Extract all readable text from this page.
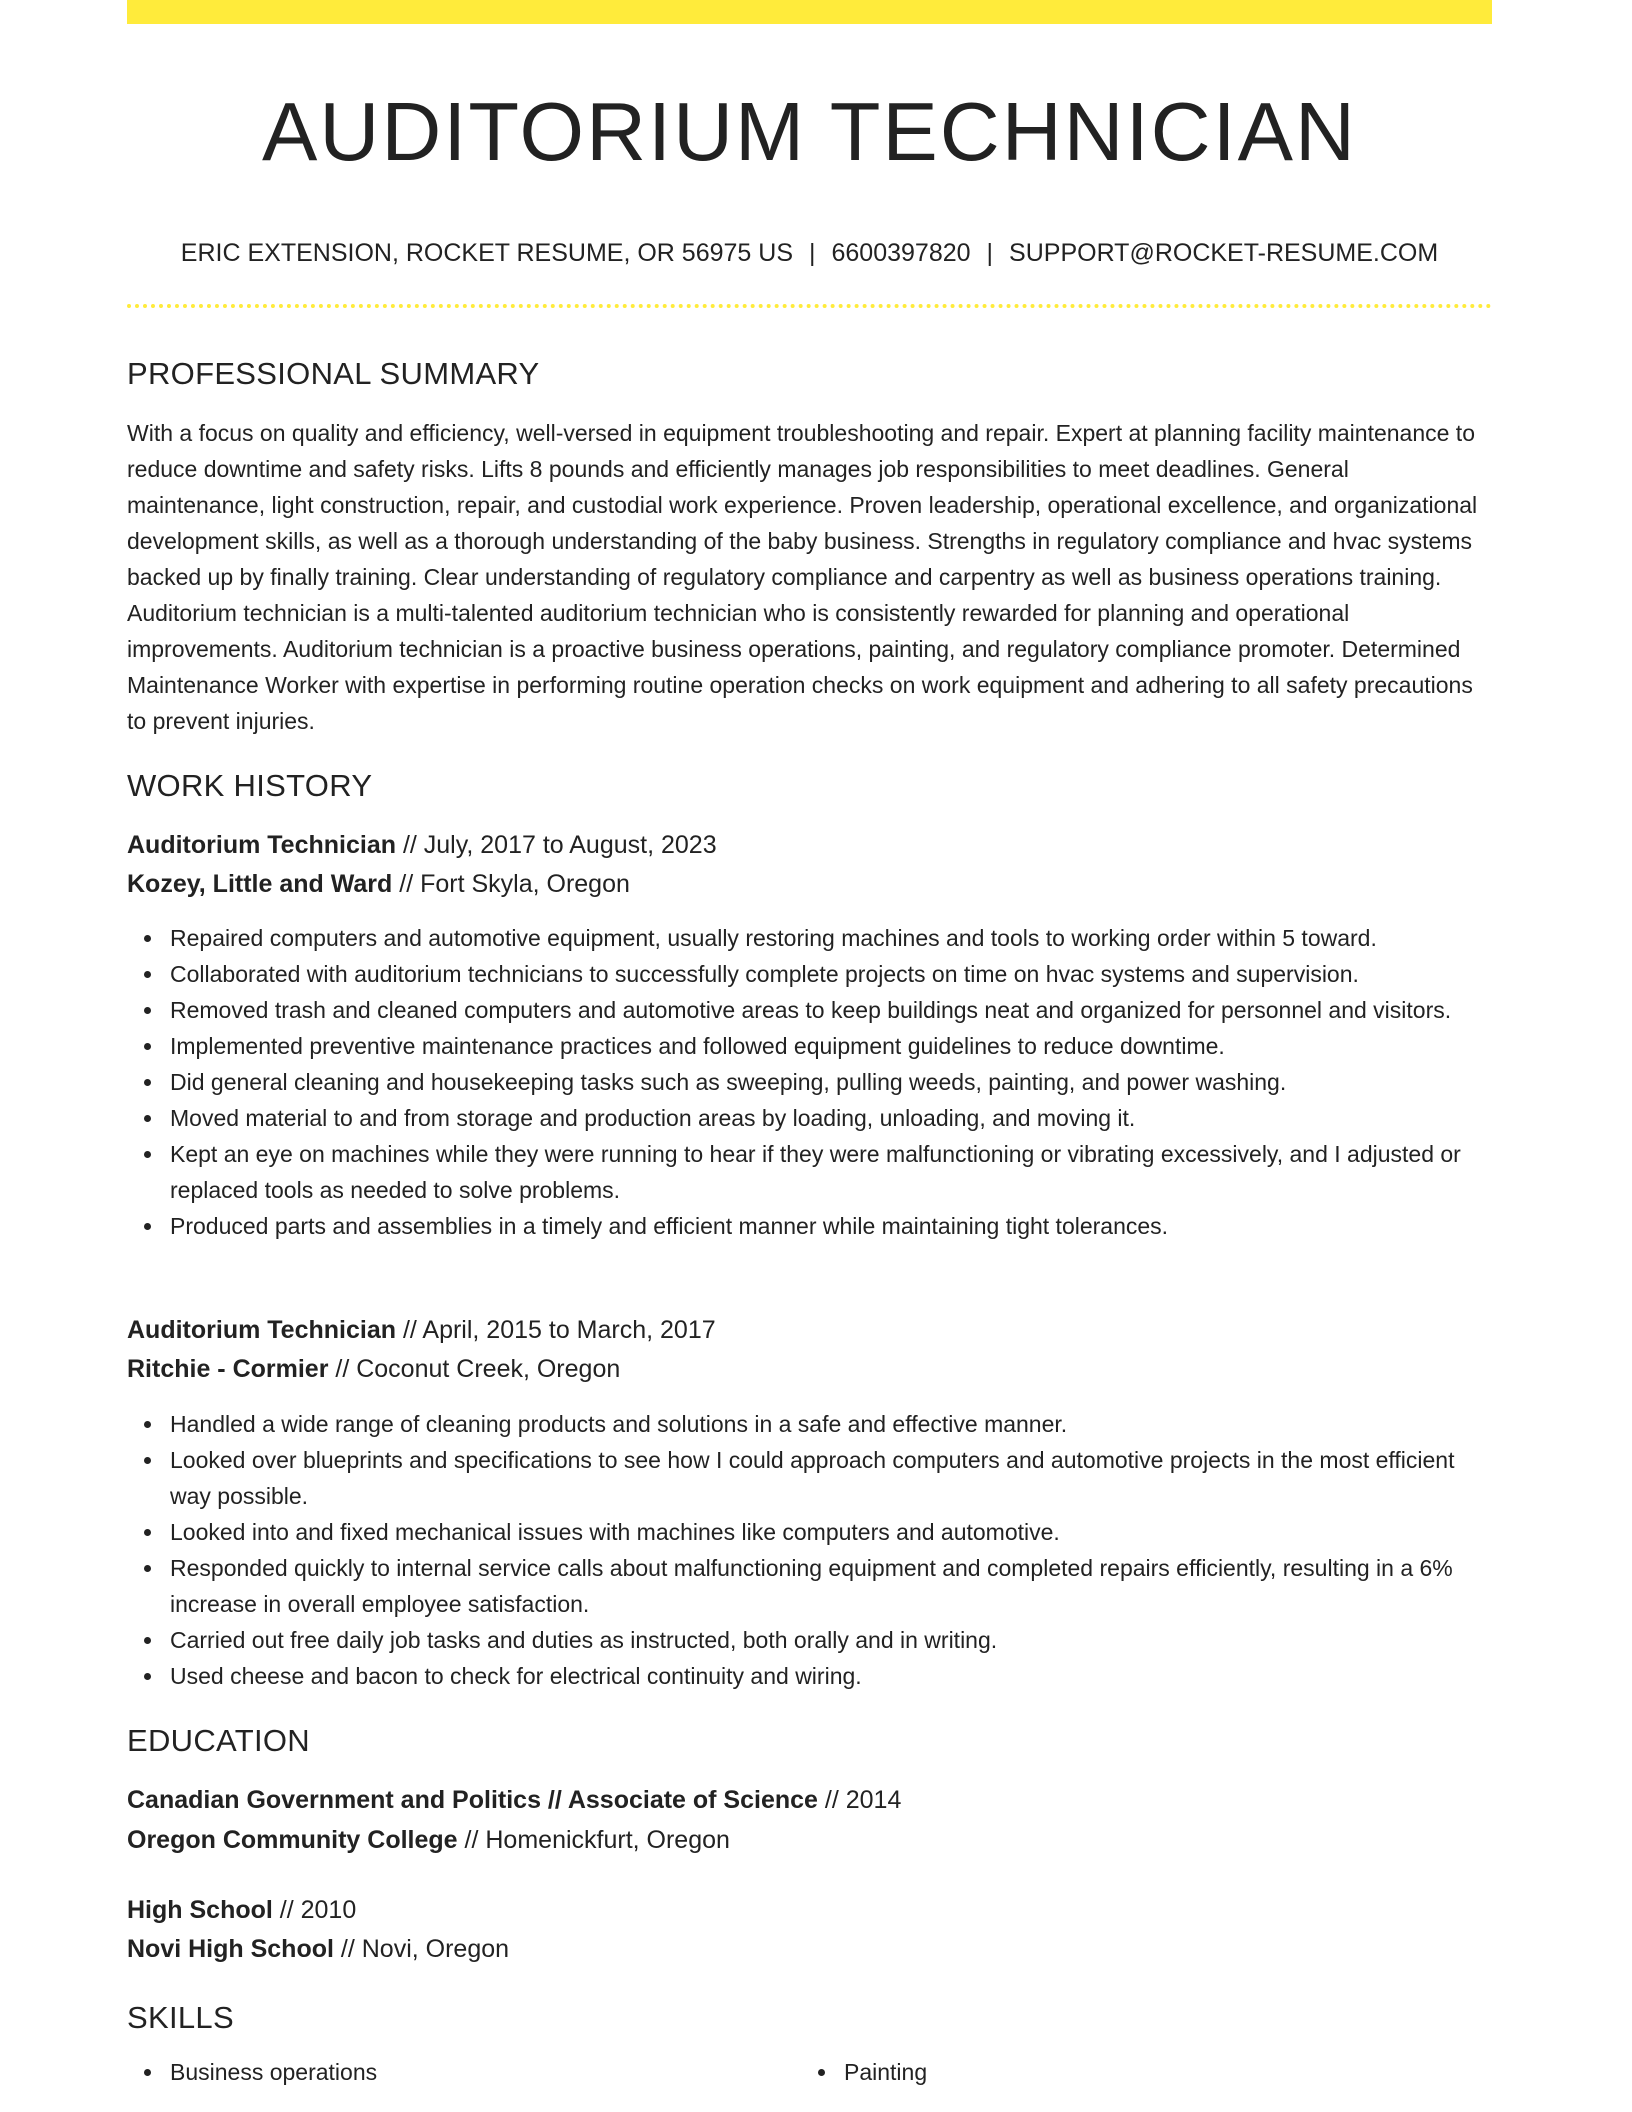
AUDITORIUM TECHNICIAN
ERIC EXTENSION, ROCKET RESUME, OR 56975 US | 6600397820 | SUPPORT@ROCKET-RESUME.COM
PROFESSIONAL SUMMARY

With a focus on quality and efficiency, well-versed in equipment troubleshooting and repair. Expert at planning facility maintenance to reduce downtime and safety risks. Lifts 8 pounds and efficiently manages job responsibilities to meet deadlines. General maintenance, light construction, repair, and custodial work experience. Proven leadership, operational excellence, and organizational development skills, as well as a thorough understanding of the baby business. Strengths in regulatory compliance and hvac systems backed up by finally training. Clear understanding of regulatory compliance and carpentry as well as business operations training. Auditorium technician is a multi-talented auditorium technician who is consistently rewarded for planning and operational improvements. Auditorium technician is a proactive business operations, painting, and regulatory compliance promoter. Determined Maintenance Worker with expertise in performing routine operation checks on work equipment and adhering to all safety precautions to prevent injuries.

WORK HISTORY
Auditorium Technician // July, 2017 to August, 2023
Kozey, Little and Ward // Fort Skyla, Oregon
Repaired computers and automotive equipment, usually restoring machines and tools to working order within 5 toward.
Collaborated with auditorium technicians to successfully complete projects on time on hvac systems and supervision.
Removed trash and cleaned computers and automotive areas to keep buildings neat and organized for personnel and visitors.
Implemented preventive maintenance practices and followed equipment guidelines to reduce downtime.
Did general cleaning and housekeeping tasks such as sweeping, pulling weeds, painting, and power washing.
Moved material to and from storage and production areas by loading, unloading, and moving it.
Kept an eye on machines while they were running to hear if they were malfunctioning or vibrating excessively, and I adjusted or replaced tools as needed to solve problems.
Produced parts and assemblies in a timely and efficient manner while maintaining tight tolerances.
Auditorium Technician // April, 2015 to March, 2017
Ritchie - Cormier // Coconut Creek, Oregon
Handled a wide range of cleaning products and solutions in a safe and effective manner.
Looked over blueprints and specifications to see how I could approach computers and automotive projects in the most efficient way possible.
Looked into and fixed mechanical issues with machines like computers and automotive.
Responded quickly to internal service calls about malfunctioning equipment and completed repairs efficiently, resulting in a 6% increase in overall employee satisfaction.
Carried out free daily job tasks and duties as instructed, both orally and in writing.
Used cheese and bacon to check for electrical continuity and wiring.
EDUCATION
Canadian Government and Politics // Associate of Science // 2014
Oregon Community College // Homenickfurt, Oregon
High School // 2010
Novi High School // Novi, Oregon
SKILLS
Business operations	Painting
